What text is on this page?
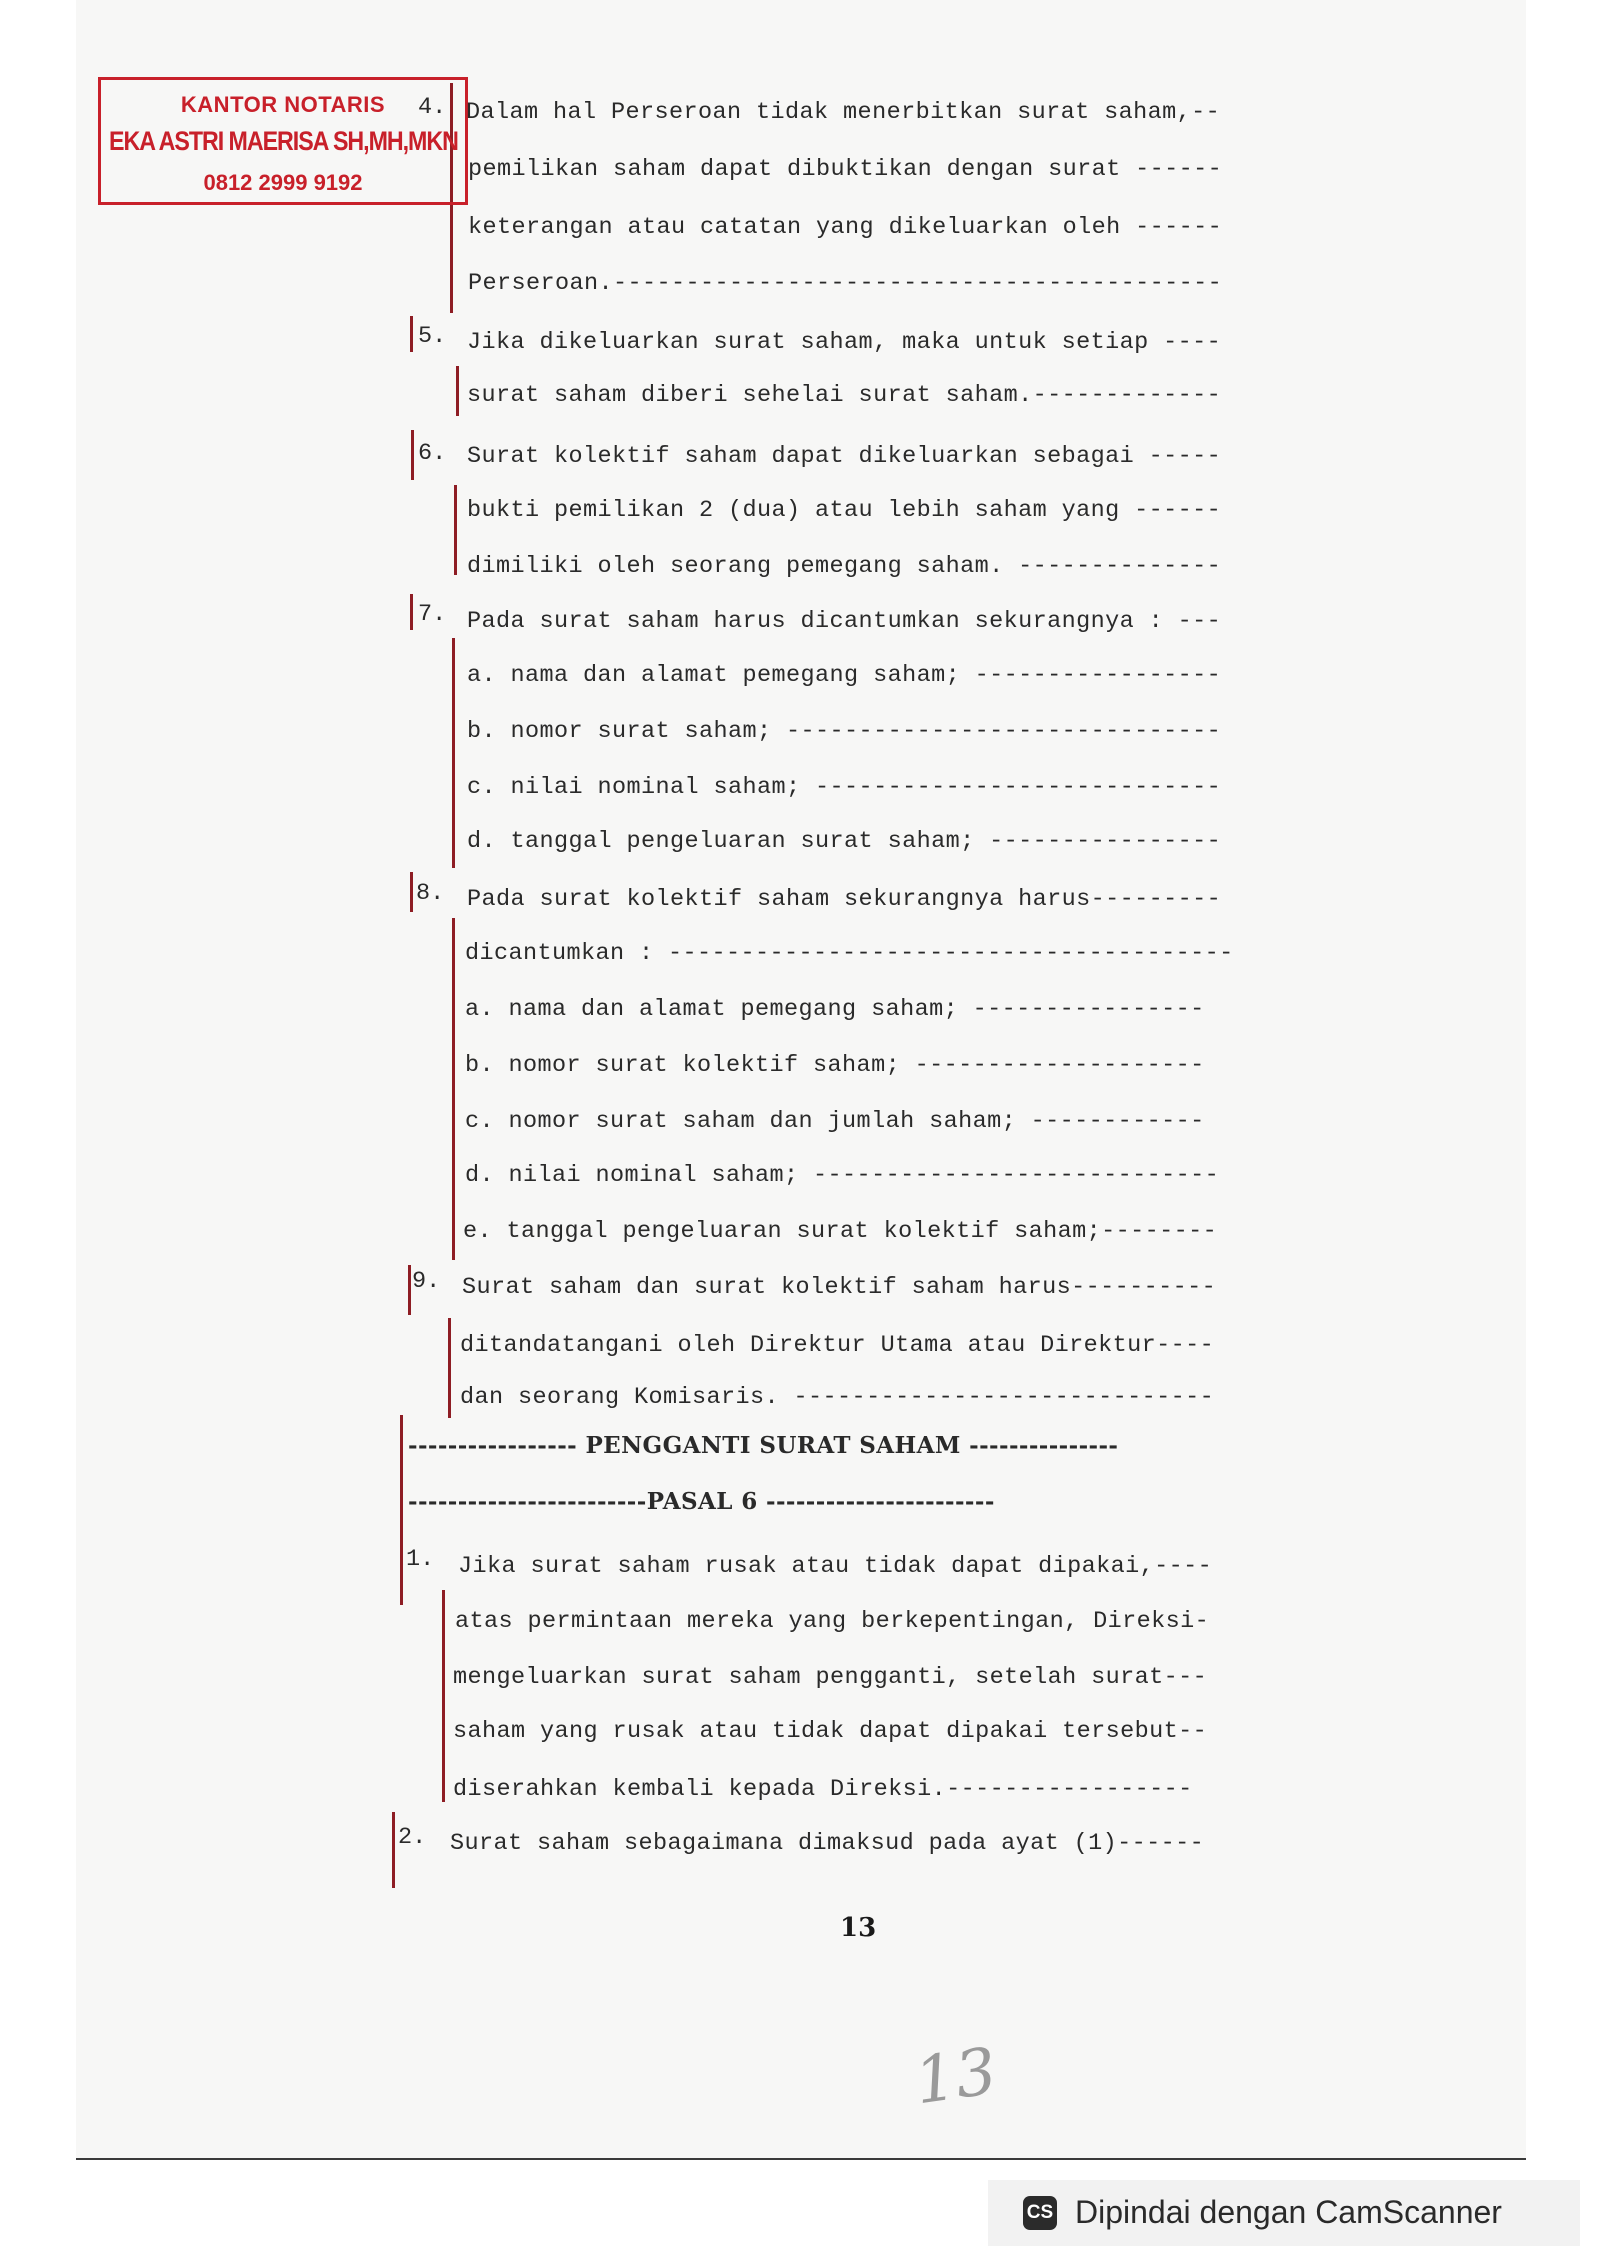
KANTOR NOTARIS
EKA ASTRI MAERISA SH,MH,MKN
0812 2999 9192
4. Dalam hal Perseroan tidak menerbitkan surat saham,--
pemilikan saham dapat dibuktikan dengan surat ------
keterangan atau catatan yang dikeluarkan oleh ------
Perseroan.------------------------------------------
5. Jika dikeluarkan surat saham, maka untuk setiap ----
surat saham diberi sehelai surat saham.-------------
6. Surat kolektif saham dapat dikeluarkan sebagai -----
bukti pemilikan 2 (dua) atau lebih saham yang ------
dimiliki oleh seorang pemegang saham. --------------
7. Pada surat saham harus dicantumkan sekurangnya : ---
a. nama dan alamat pemegang saham; -----------------
b. nomor surat saham; ------------------------------
c. nilai nominal saham; ----------------------------
d. tanggal pengeluaran surat saham; ----------------
8. Pada surat kolektif saham sekurangnya harus---------
dicantumkan : ---------------------------------------
a. nama dan alamat pemegang saham; ----------------
b. nomor surat kolektif saham; --------------------
c. nomor surat saham dan jumlah saham; ------------
d. nilai nominal saham; ----------------------------
e. tanggal pengeluaran surat kolektif saham;--------
9. Surat saham dan surat kolektif saham harus----------
ditandatangani oleh Direktur Utama atau Direktur----
dan seorang Komisaris. -----------------------------
----------------- PENGGANTI SURAT SAHAM ---------------
------------------------PASAL 6 -----------------------
1. Jika surat saham rusak atau tidak dapat dipakai,----
atas permintaan mereka yang berkepentingan, Direksi-
mengeluarkan surat saham pengganti, setelah surat---
saham yang rusak atau tidak dapat dipakai tersebut--
diserahkan kembali kepada Direksi.-----------------
2. Surat saham sebagaimana dimaksud pada ayat (1)------
13
13
CS Dipindai dengan CamScanner
